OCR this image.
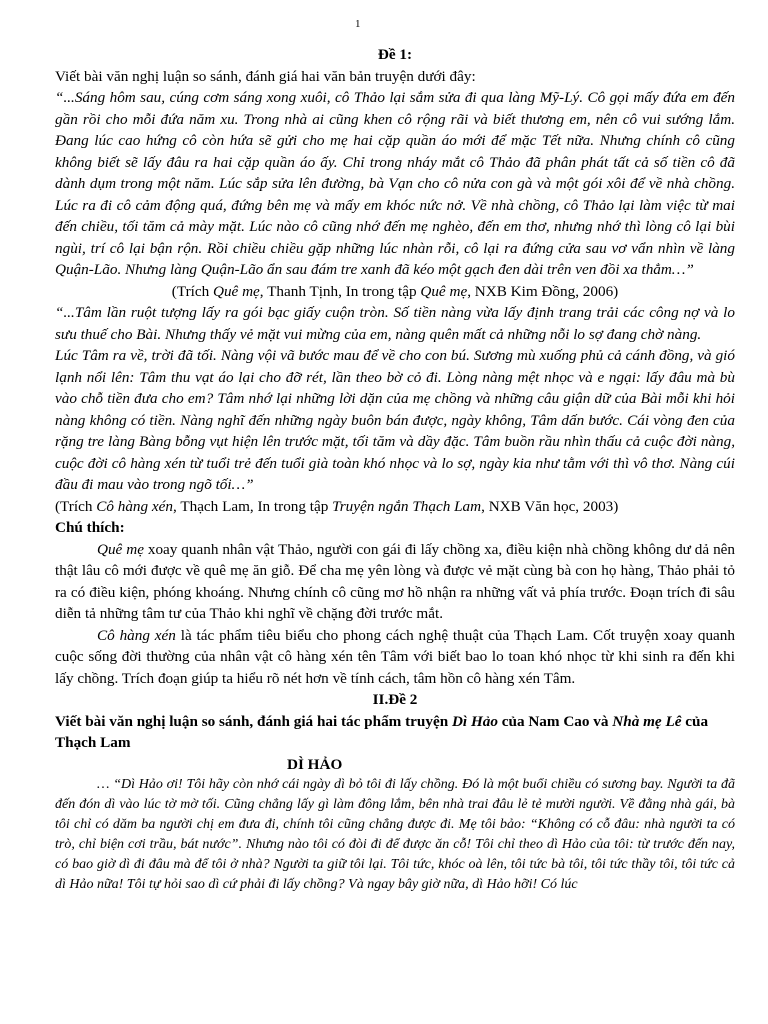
1

Đề 1:

Viết bài văn nghị luận so sánh, đánh giá hai văn bản truyện dưới đây:

“...Sáng hôm sau, cúng cơm sáng xong xuôi, cô Thảo lại sắm sửa đi qua làng Mỹ-Lý. Cô gọi mấy đứa em đến gần rồi cho mỗi đứa năm xu. Trong nhà ai cũng khen cô rộng rãi và biết thương em, nên cô vui sướng lắm. Đang lúc cao hứng cô còn hứa sẽ gửi cho mẹ hai cặp quần áo mới để mặc Tết nữa. Nhưng chính cô cũng không biết sẽ lấy đâu ra hai cặp quần áo ấy. Chỉ trong nháy mắt cô Thảo đã phân phát tất cả số tiền cô đã dành dụm trong một năm. Lúc sắp sửa lên đường, bà Vạn cho cô nửa con gà và một gói xôi để về nhà chồng. Lúc ra đi cô cảm động quá, đứng bên mẹ và mấy em khóc nức nở. Về nhà chồng, cô Thảo lại làm việc từ mai đến chiều, tối tăm cả mày mặt. Lúc nào cô cũng nhớ đến mẹ nghèo, đến em thơ, nhưng nhớ thì lòng cô lại bùi ngùi, trí cô lại bận rộn. Rồi chiều chiều gặp những lúc nhàn rỗi, cô lại ra đứng cửa sau vơ vẩn nhìn về làng Quận-Lão. Nhưng làng Quận-Lão ẩn sau đám tre xanh đã kéo một gạch đen dài trên ven đồi xa thẳm…”

(Trích Quê mẹ, Thanh Tịnh, In trong tập Quê mẹ, NXB Kim Đồng, 2006)

“...Tâm lần ruột tượng lấy ra gói bạc giấy cuộn tròn. Số tiền nàng vừa lấy định trang trải các công nợ và lo sưu thuế cho Bài. Nhưng thấy vẻ mặt vui mừng của em, nàng quên mất cả những nỗi lo sợ đang chờ nàng.

Lúc Tâm ra về, trời đã tối. Nàng vội vã bước mau để về cho con bú. Sương mù xuống phủ cả cánh đồng, và gió lạnh nổi lên: Tâm thu vạt áo lại cho đỡ rét, lần theo bờ cỏ đi. Lòng nàng mệt nhọc và e ngại: lấy đâu mà bù vào chỗ tiền đưa cho em? Tâm nhớ lại những lời dặn của mẹ chồng và những câu giận dữ của Bài mỗi khi hỏi nàng không có tiền. Nàng nghĩ đến những ngày buôn bán được, ngày không, Tâm dấn bước. Cái vòng đen của rặng tre làng Bàng bỗng vụt hiện lên trước mặt, tối tăm và dầy đặc. Tâm buồn rầu nhìn thấu cả cuộc đời nàng, cuộc đời cô hàng xén từ tuổi trẻ đến tuổi già toàn khó nhọc và lo sợ, ngày kia như tằm với thì vô thơ. Nàng cúi đầu đi mau vào trong ngõ tối…”

(Trích Cô hàng xén, Thạch Lam, In trong tập Truyện ngắn Thạch Lam, NXB Văn học, 2003)

Chú thích:

Quê mẹ xoay quanh nhân vật Thảo, người con gái đi lấy chồng xa, điều kiện nhà chồng không dư dả nên thật lâu cô mới được về quê mẹ ăn giỗ. Để cha mẹ yên lòng và được vẻ mặt cùng bà con họ hàng, Thảo phải tỏ ra có điều kiện, phóng khoáng. Nhưng chính cô cũng mơ hồ nhận ra những vất vả phía trước. Đoạn trích đi sâu diễn tả những tâm tư của Thảo khi nghĩ về chặng đời trước mắt.

Cô hàng xén là tác phẩm tiêu biểu cho phong cách nghệ thuật của Thạch Lam. Cốt truyện xoay quanh cuộc sống đời thường của nhân vật cô hàng xén tên Tâm với biết bao lo toan khó nhọc từ khi sinh ra đến khi lấy chồng. Trích đoạn giúp ta hiểu rõ nét hơn về tính cách, tâm hồn cô hàng xén Tâm.

II.Đề 2

Viết bài văn nghị luận so sánh, đánh giá hai tác phẩm truyện Dì Hảo của Nam Cao và Nhà mẹ Lê của Thạch Lam

DÌ HẢO

… “Dì Hảo ơi! Tôi hãy còn nhớ cái ngày dì bỏ tôi đi lấy chồng. Đó là một buổi chiều có sương bay. Người ta đã đến đón dì vào lúc tờ mờ tối. Cũng chẳng lấy gì làm đông lắm, bên nhà trai đâu lẻ tẻ mười người. Về đằng nhà gái, bà tôi chỉ có dăm ba người chị em đưa đi, chính tôi cũng chẳng được đi. Mẹ tôi bảo: “Không có cỗ đâu: nhà người ta có trò, chỉ biện cơi trầu, bát nước”. Nhưng nào tôi có đòi đi để được ăn cỗ! Tôi chỉ theo dì Hảo của tôi: từ trước đến nay, có bao giờ dì đi đâu mà để tôi ở nhà? Người ta giữ tôi lại. Tôi tức, khóc oà lên, tôi tức bà tôi, tôi tức thầy tôi, tôi tức cả dì Hảo nữa! Tôi tự hỏi sao dì cứ phải đi lấy chồng? Và ngay bây giờ nữa, dì Hảo hỡi! Có lúc
